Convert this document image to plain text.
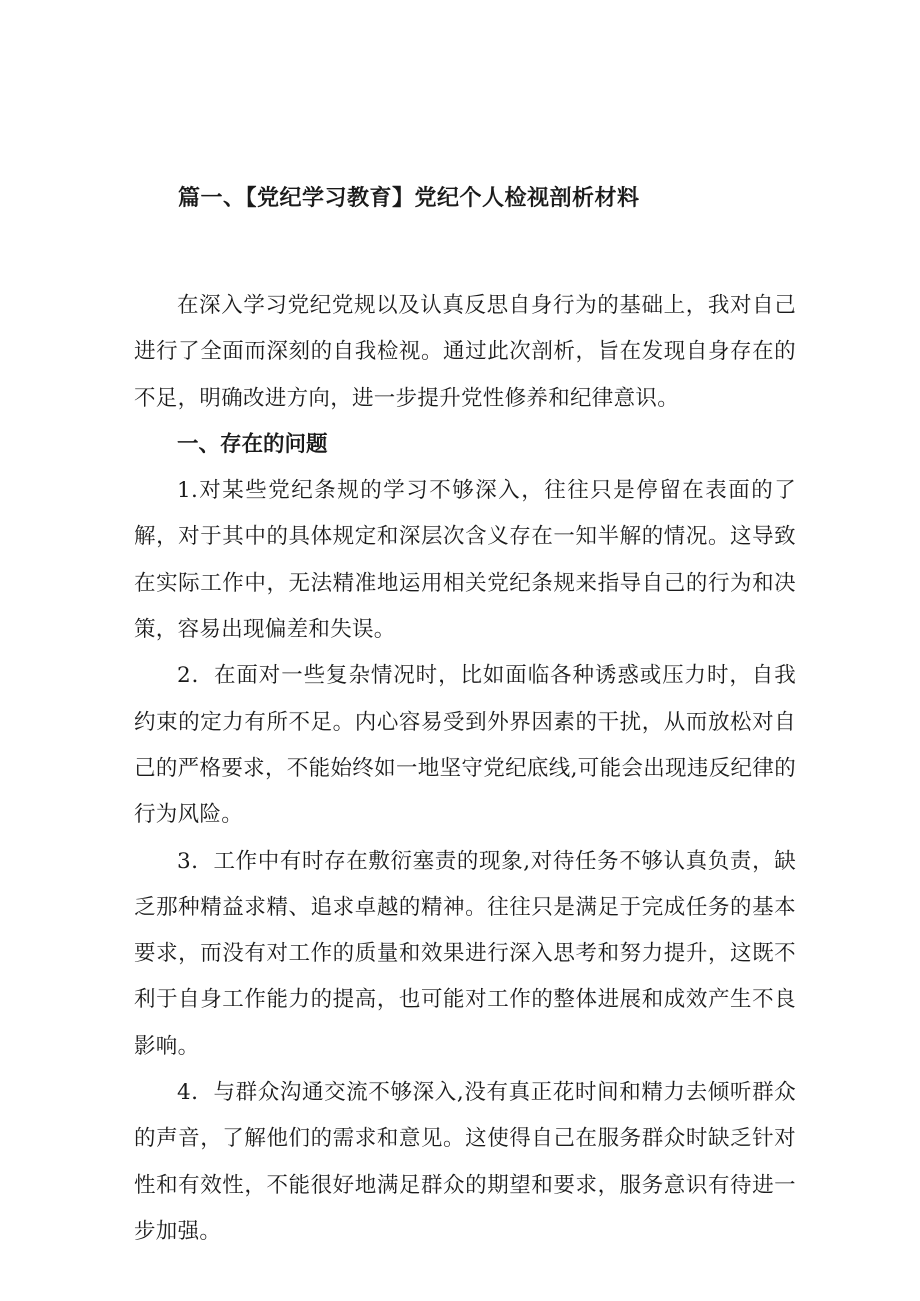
篇一、【党纪学习教育】党纪个人检视剖析材料

在深入学习党纪党规以及认真反思自身行为的基础上，我对自己进行了全面而深刻的自我检视。通过此次剖析，旨在发现自身存在的不足，明确改进方向，进一步提升党性修养和纪律意识。

一、存在的问题

1.对某些党纪条规的学习不够深入，往往只是停留在表面的了解，对于其中的具体规定和深层次含义存在一知半解的情况。这导致在实际工作中，无法精准地运用相关党纪条规来指导自己的行为和决策，容易出现偏差和失误。

2．在面对一些复杂情况时，比如面临各种诱惑或压力时，自我约束的定力有所不足。内心容易受到外界因素的干扰，从而放松对自己的严格要求，不能始终如一地坚守党纪底线,可能会出现违反纪律的行为风险。

3．工作中有时存在敷衍塞责的现象,对待任务不够认真负责，缺乏那种精益求精、追求卓越的精神。往往只是满足于完成任务的基本要求，而没有对工作的质量和效果进行深入思考和努力提升，这既不利于自身工作能力的提高，也可能对工作的整体进展和成效产生不良影响。

4．与群众沟通交流不够深入,没有真正花时间和精力去倾听群众的声音，了解他们的需求和意见。这使得自己在服务群众时缺乏针对性和有效性，不能很好地满足群众的期望和要求，服务意识有待进一步加强。
